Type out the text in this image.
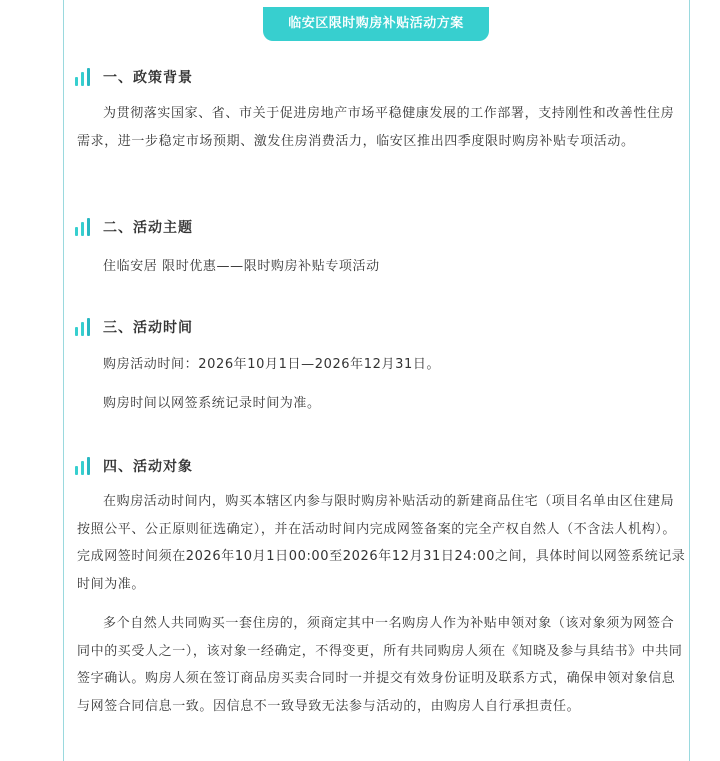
临安区限时购房补贴活动方案
一、政策背景

为贯彻落实国家、省、市关于促进房地产市场平稳健康发展的工作部署，支持刚性和改善性住房需求，进一步稳定市场预期、激发住房消费活力，临安区推出四季度限时购房补贴专项活动。

二、活动主题

住临安居 限时优惠——限时购房补贴专项活动

三、活动时间

购房活动时间：2026年10月1日—2026年12月31日。

购房时间以网签系统记录时间为准。

四、活动对象

在购房活动时间内，购买本辖区内参与限时购房补贴活动的新建商品住宅（项目名单由区住建局按照公平、公正原则征选确定），并在活动时间内完成网签备案的完全产权自然人（不含法人机构）。完成网签时间须在2026年10月1日00:00至2026年12月31日24:00之间，具体时间以网签系统记录时间为准。

多个自然人共同购买一套住房的，须商定其中一名购房人作为补贴申领对象（该对象须为网签合同中的买受人之一），该对象一经确定，不得变更，所有共同购房人须在《知晓及参与具结书》中共同签字确认。购房人须在签订商品房买卖合同时一并提交有效身份证明及联系方式，确保申领对象信息与网签合同信息一致。因信息不一致导致无法参与活动的，由购房人自行承担责任。
